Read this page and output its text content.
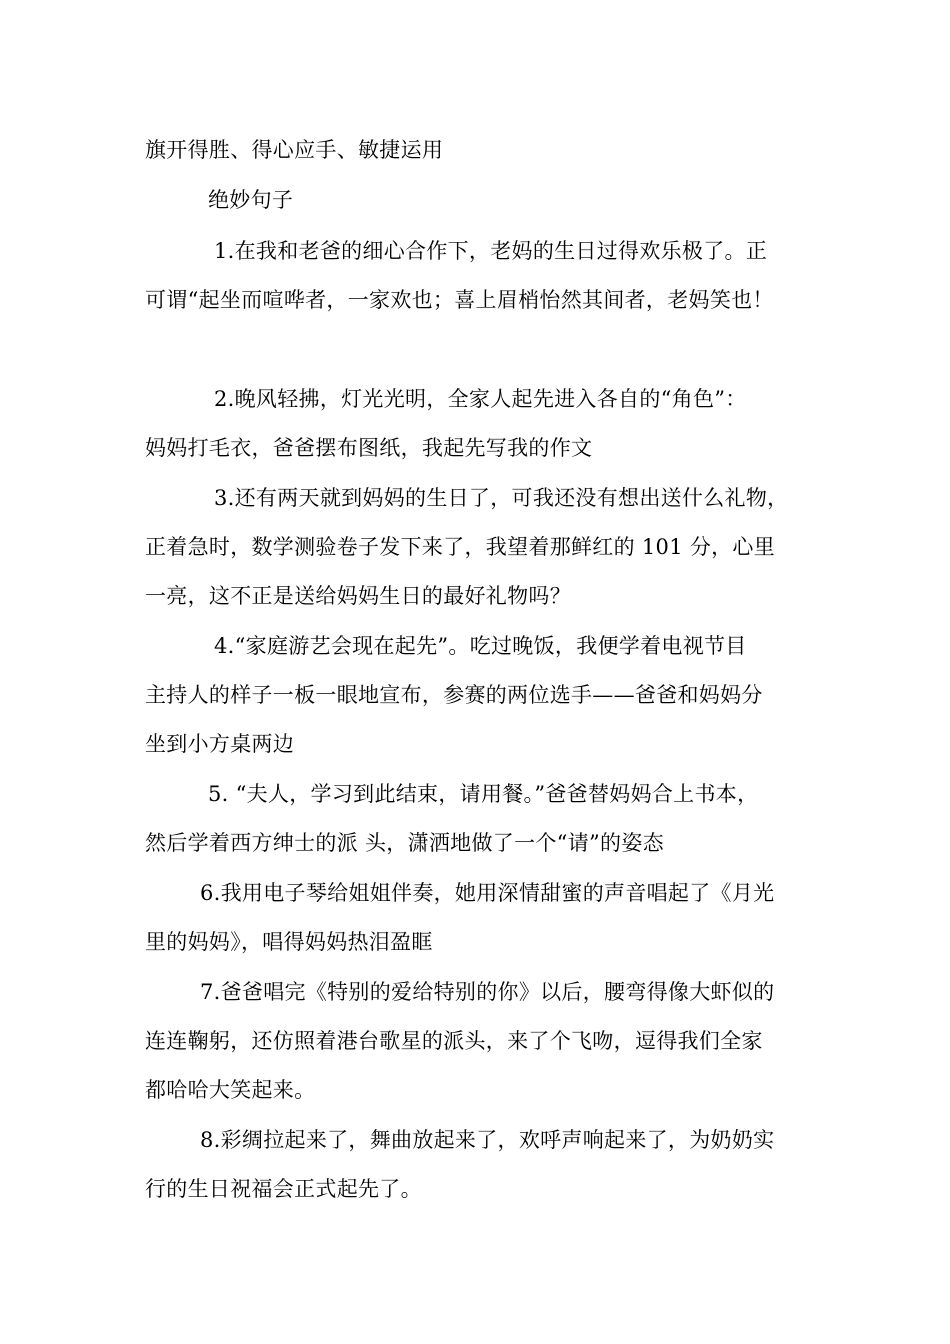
旗开得胜、得心应手、敏捷运用

绝妙句子

1.在我和老爸的细心合作下，老妈的生日过得欢乐极了。正

可谓“起坐而喧哗者，一家欢也；喜上眉梢怡然其间者，老妈笑也！

2.晚风轻拂，灯光光明，全家人起先进入各自的“角色”：

妈妈打毛衣，爸爸摆布图纸，我起先写我的作文

3.还有两天就到妈妈的生日了，可我还没有想出送什么礼物，

正着急时，数学测验卷子发下来了，我望着那鲜红的 101 分，心里

一亮，这不正是送给妈妈生日的最好礼物吗？

4.“家庭游艺会现在起先”。吃过晚饭，我便学着电视节目

主持人的样子一板一眼地宣布，参赛的两位选手——爸爸和妈妈分

坐到小方桌两边

5. “夫人，学习到此结束，请用餐。”爸爸替妈妈合上书本，

然后学着西方绅士的派 头，潇洒地做了一个“请”的姿态

6.我用电子琴给姐姐伴奏，她用深情甜蜜的声音唱起了《月光

里的妈妈》，唱得妈妈热泪盈眶

7.爸爸唱完《特别的爱给特别的你》以后，腰弯得像大虾似的

连连鞠躬，还仿照着港台歌星的派头，来了个飞吻，逗得我们全家

都哈哈大笑起来。

8.彩绸拉起来了，舞曲放起来了，欢呼声响起来了，为奶奶实

行的生日祝福会正式起先了。
